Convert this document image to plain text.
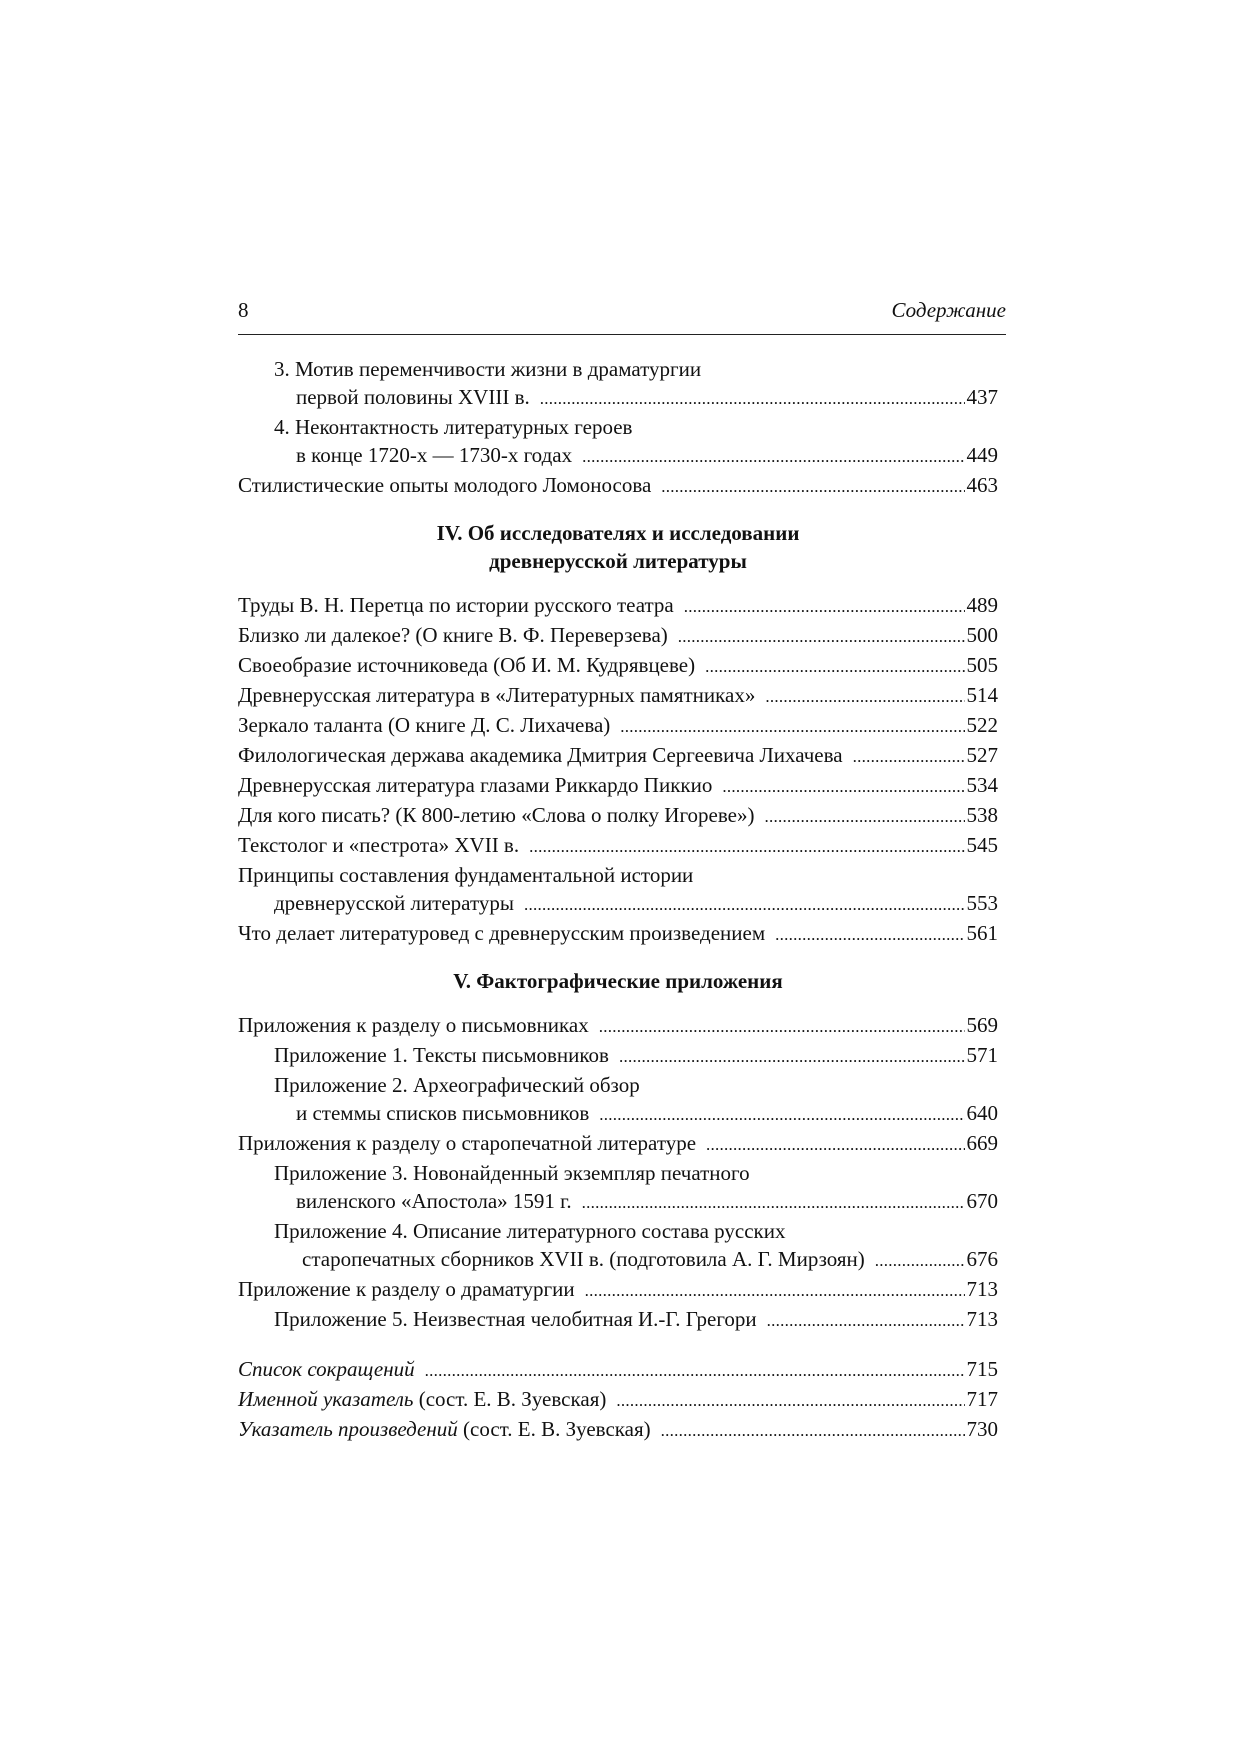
8	Содержание
3. Мотив переменчивости жизни в драматургии
первой половины XVIII в. . . .	437
4. Неконтактность литературных героев
в конце 1720-х — 1730-х годах . . .	449
Стилистические опыты молодого Ломоносова . . .	463
IV. Об исследователях и исследовании
древнерусской литературы
Труды В. Н. Перетца по истории русского театра . . .	489
Близко ли далекое? (О книге В. Ф. Переверзева) . . .	500
Своеобразие источниковеда (Об И. М. Кудрявцеве) . . .	505
Древнерусская литература в «Литературных памятниках» . . .	514
Зеркало таланта (О книге Д. С. Лихачева) . . .	522
Филологическая держава академика Дмитрия Сергеевича Лихачева . . .	527
Древнерусская литература глазами Риккардо Пиккио . . .	534
Для кого писать? (К 800-летию «Слова о полку Игореве») . . .	538
Текстолог и «пестрота» XVII в. . . .	545
Принципы составления фундаментальной истории
древнерусской литературы . . .	553
Что делает литературовед с древнерусским произведением . . .	561
V. Фактографические приложения
Приложения к разделу о письмовниках . . .	569
Приложение 1. Тексты письмовников . . .	571
Приложение 2. Археографический обзор
и стеммы списков письмовников . . .	640
Приложения к разделу о старопечатной литературе . . .	669
Приложение 3. Новонайденный экземпляр печатного
виленского «Апостола» 1591 г. . . .	670
Приложение 4. Описание литературного состава русских
старопечатных сборников XVII в. (подготовила А. Г. Мирзоян) . . .	676
Приложение к разделу о драматургии . . .	713
Приложение 5. Неизвестная челобитная И.-Г. Грегори . . .	713
Список сокращений . . .	715
Именной указатель (сост. Е. В. Зуевская) . . .	717
Указатель произведений (сост. Е. В. Зуевская) . . .	730
